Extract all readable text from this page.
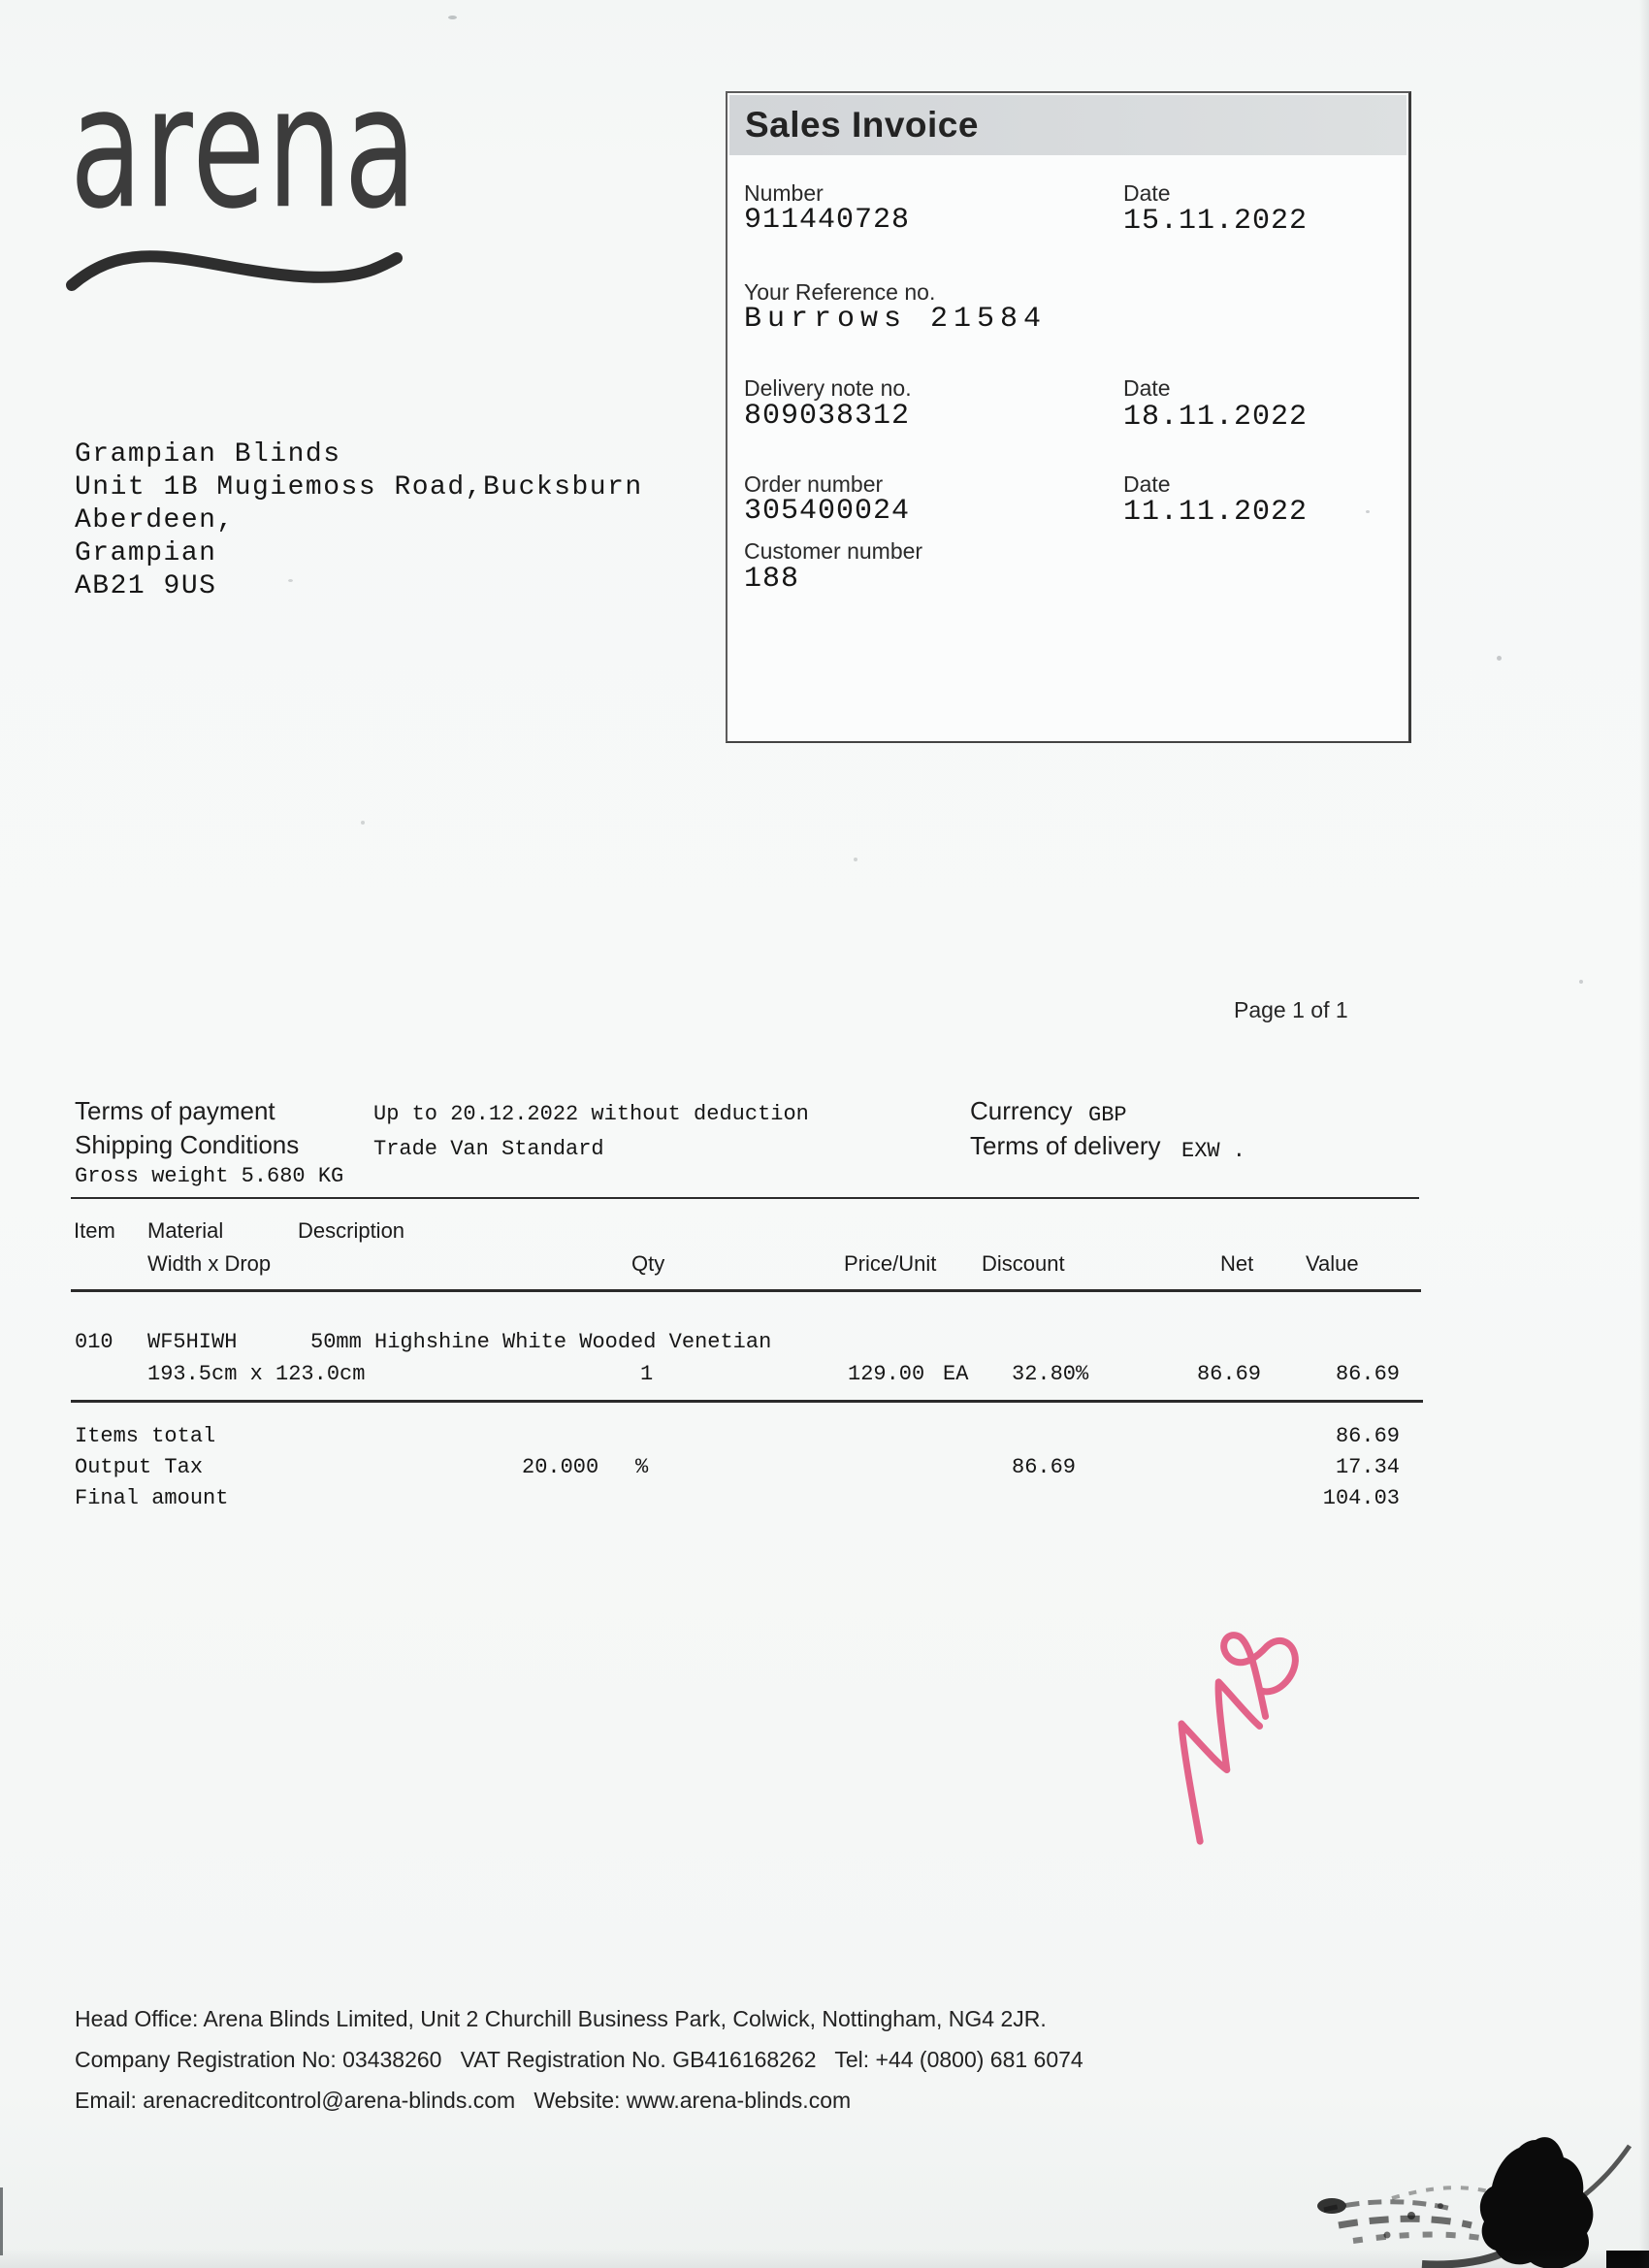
arena	Sales Invoice
Number
911440728
Date
15.11.2022
Your Reference no.
Burrows 21584
Delivery note no.
809038312
Date
18.11.2022
Order number
305400024
Date
11.11.2022
Customer number
188
Grampian Blinds
Unit 1B Mugiemoss Road,Bucksburn
Aberdeen,
Grampian
AB21 9US
Page 1 of 1
Terms of payment	Up to 20.12.2022 without deduction
Shipping Conditions	Trade Van Standard
Gross weight 5.680 KG
Currency GBP
Terms of delivery EXW .
Item Material	Description
Width x Drop	Qty	Price/Unit Discount	Net Value
010 WF5HIWH	50mm Highshine White Wooded Venetian
193.5cm x 123.0cm	1	129.00 EA 32.80%	86.69	86.69
Items total	86.69
Output Tax	20.000 %	86.69	17.34
Final amount	104.03
Head Office: Arena Blinds Limited, Unit 2 Churchill Business Park, Colwick, Nottingham, NG4 2JR.
Company Registration No: 03438260   VAT Registration No. GB416168262   Tel: +44 (0800) 681 6074
Email: arenacreditcontrol@arena-blinds.com   Website: www.arena-blinds.com
